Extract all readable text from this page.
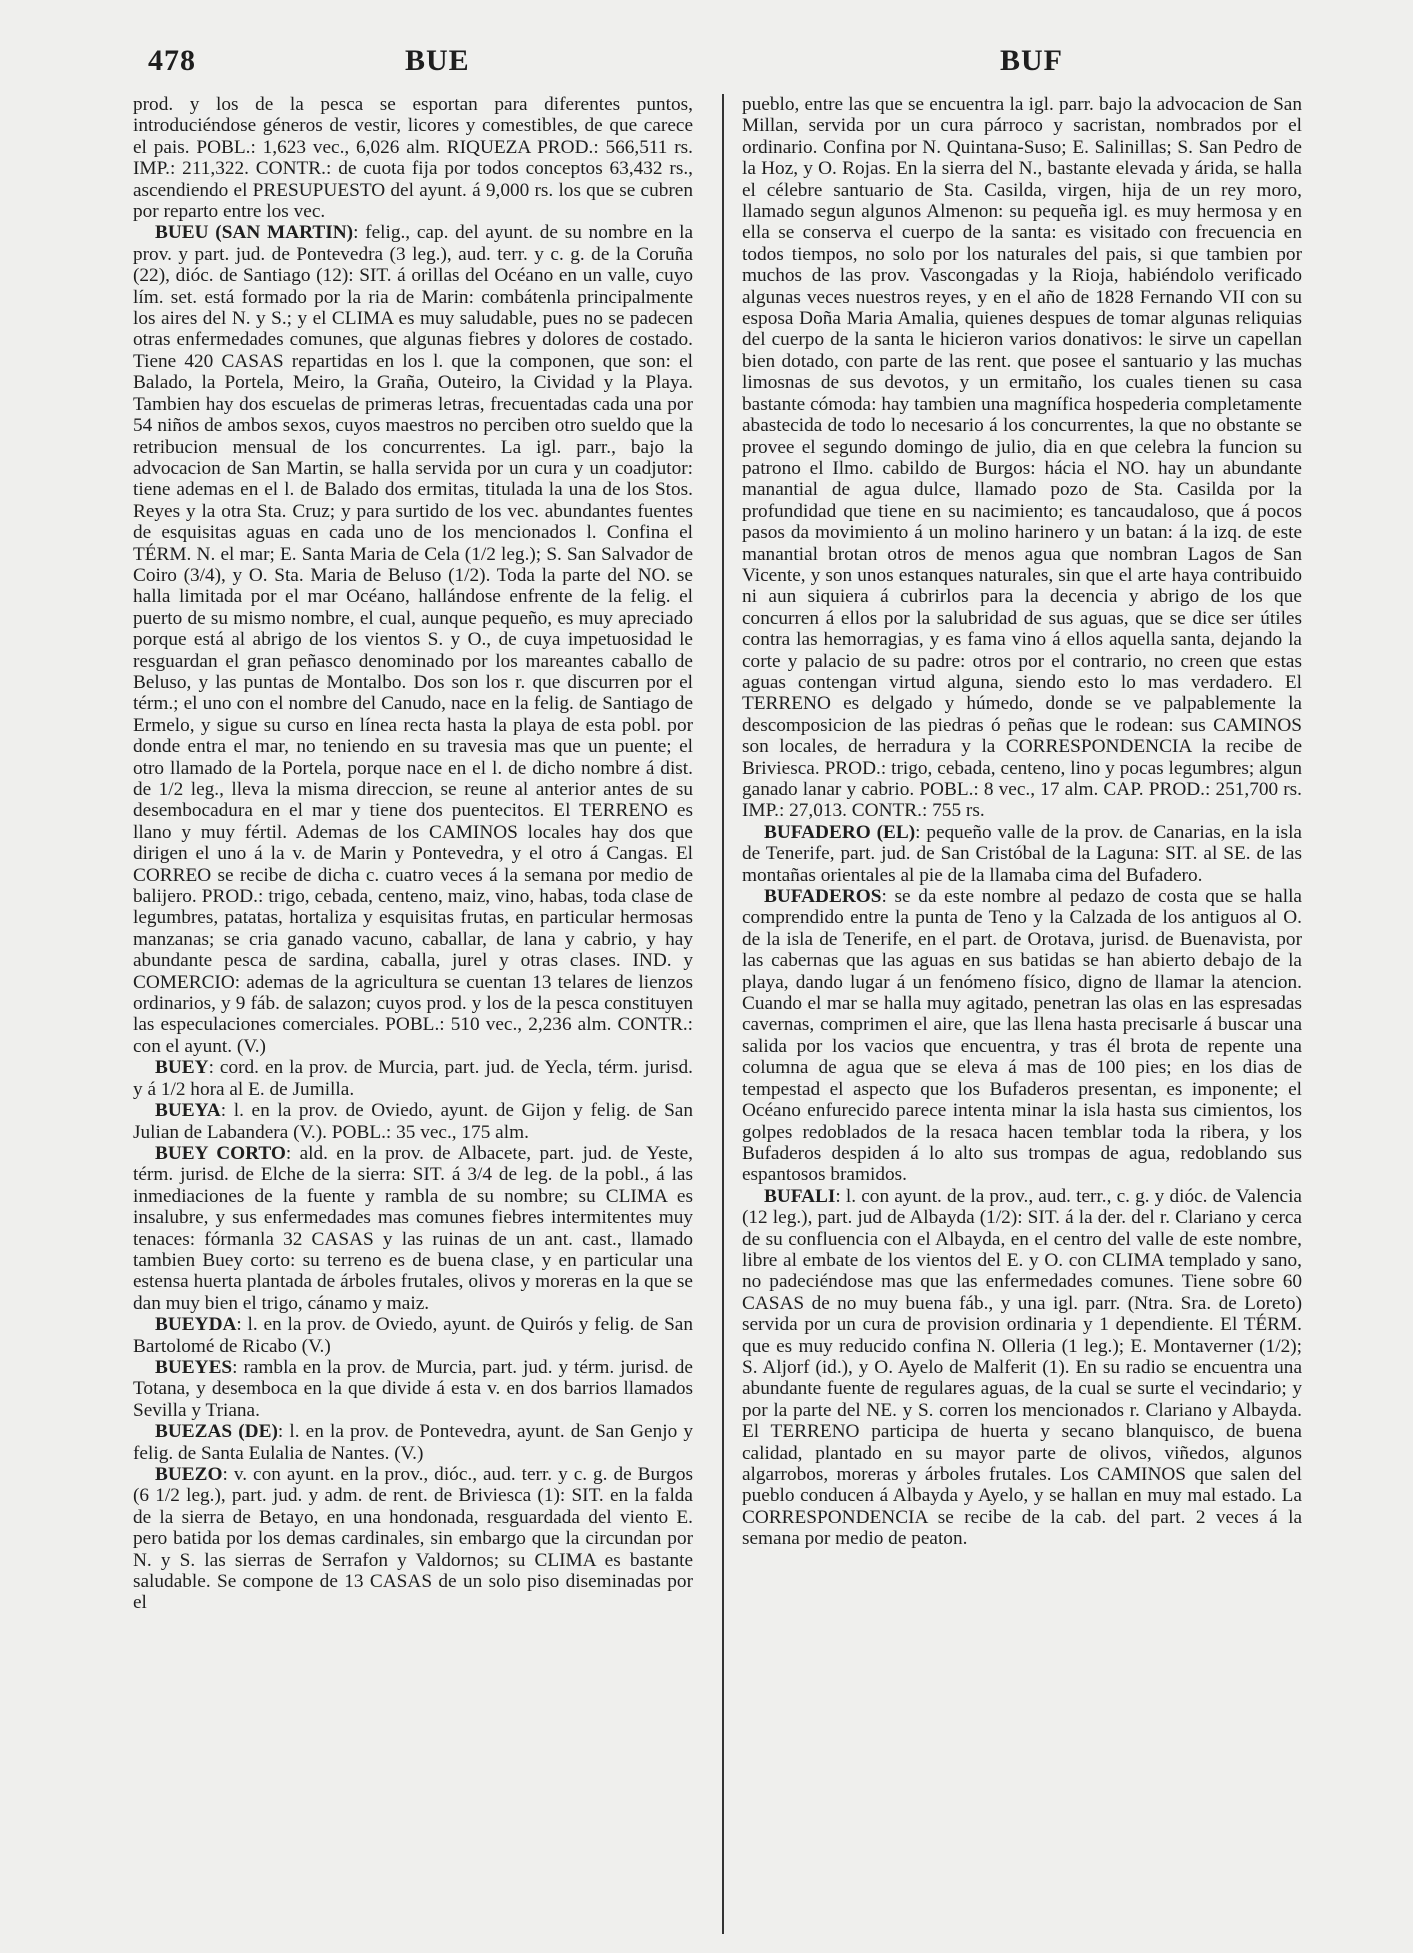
478	BUE	BUF

prod. y los de la pesca se esportan para diferentes puntos, introduciéndose géneros de vestir, licores y comestibles, de que carece el pais. POBL.: 1,623 vec., 6,026 alm. RIQUEZA PROD.: 566,511 rs. IMP.: 211,322. CONTR.: de cuota fija por todos conceptos 63,432 rs., ascendiendo el PRESUPUESTO del ayunt. á 9,000 rs. los que se cubren por reparto entre los vec.

BUEU (SAN MARTIN): felig., cap. del ayunt. de su nombre en la prov. y part. jud. de Pontevedra (3 leg.), aud. terr. y c. g. de la Coruña (22), dióc. de Santiago (12): SIT. á orillas del Océano en un valle, cuyo lím. set. está formado por la ria de Marin: combátenla principalmente los aires del N. y S.; y el CLIMA es muy saludable, pues no se padecen otras enfermedades comunes, que algunas fiebres y dolores de costado. Tiene 420 CASAS repartidas en los l. que la componen, que son: el Balado, la Portela, Meiro, la Graña, Outeiro, la Cividad y la Playa. Tambien hay dos escuelas de primeras letras, frecuentadas cada una por 54 niños de ambos sexos, cuyos maestros no perciben otro sueldo que la retribucion mensual de los concurrentes. La igl. parr., bajo la advocacion de San Martin, se halla servida por un cura y un coadjutor: tiene ademas en el l. de Balado dos ermitas, titulada la una de los Stos. Reyes y la otra Sta. Cruz; y para surtido de los vec. abundantes fuentes de esquisitas aguas en cada uno de los mencionados l. Confina el TÉRM. N. el mar; E. Santa Maria de Cela (1/2 leg.); S. San Salvador de Coiro (3/4), y O. Sta. Maria de Beluso (1/2). Toda la parte del NO. se halla limitada por el mar Océano, hallándose enfrente de la felig. el puerto de su mismo nombre, el cual, aunque pequeño, es muy apreciado porque está al abrigo de los vientos S. y O., de cuya impetuosidad le resguardan el gran peñasco denominado por los mareantes caballo de Beluso, y las puntas de Montalbo. Dos son los r. que discurren por el térm.; el uno con el nombre del Canudo, nace en la felig. de Santiago de Ermelo, y sigue su curso en línea recta hasta la playa de esta pobl. por donde entra el mar, no teniendo en su travesia mas que un puente; el otro llamado de la Portela, porque nace en el l. de dicho nombre á dist. de 1/2 leg., lleva la misma direccion, se reune al anterior antes de su desembocadura en el mar y tiene dos puentecitos. El TERRENO es llano y muy fértil. Ademas de los CAMINOS locales hay dos que dirigen el uno á la v. de Marin y Pontevedra, y el otro á Cangas. El CORREO se recibe de dicha c. cuatro veces á la semana por medio de balijero. PROD.: trigo, cebada, centeno, maiz, vino, habas, toda clase de legumbres, patatas, hortaliza y esquisitas frutas, en particular hermosas manzanas; se cria ganado vacuno, caballar, de lana y cabrio, y hay abundante pesca de sardina, caballa, jurel y otras clases. IND. y COMERCIO: ademas de la agricultura se cuentan 13 telares de lienzos ordinarios, y 9 fáb. de salazon; cuyos prod. y los de la pesca constituyen las especulaciones comerciales. POBL.: 510 vec., 2,236 alm. CONTR.: con el ayunt. (V.)

BUEY: cord. en la prov. de Murcia, part. jud. de Yecla, térm. jurisd. y á 1/2 hora al E. de Jumilla.

BUEYA: l. en la prov. de Oviedo, ayunt. de Gijon y felig. de San Julian de Labandera (V.). POBL.: 35 vec., 175 alm.

BUEY CORTO: ald. en la prov. de Albacete, part. jud. de Yeste, térm. jurisd. de Elche de la sierra: SIT. á 3/4 de leg. de la pobl., á las inmediaciones de la fuente y rambla de su nombre; su CLIMA es insalubre, y sus enfermedades mas comunes fiebres intermitentes muy tenaces: fórmanla 32 CASAS y las ruinas de un ant. cast., llamado tambien Buey corto: su terreno es de buena clase, y en particular una estensa huerta plantada de árboles frutales, olivos y moreras en la que se dan muy bien el trigo, cánamo y maiz.

BUEYDA: l. en la prov. de Oviedo, ayunt. de Quirós y felig. de San Bartolomé de Ricabo (V.)

BUEYES: rambla en la prov. de Murcia, part. jud. y térm. jurisd. de Totana, y desemboca en la que divide á esta v. en dos barrios llamados Sevilla y Triana.

BUEZAS (DE): l. en la prov. de Pontevedra, ayunt. de San Genjo y felig. de Santa Eulalia de Nantes. (V.)

BUEZO: v. con ayunt. en la prov., dióc., aud. terr. y c. g. de Burgos (6 1/2 leg.), part. jud. y adm. de rent. de Briviesca (1): SIT. en la falda de la sierra de Betayo, en una hondonada, resguardada del viento E. pero batida por los demas cardinales, sin embargo que la circundan por N. y S. las sierras de Serrafon y Valdornos; su CLIMA es bastante saludable. Se compone de 13 CASAS de un solo piso diseminadas por el

pueblo, entre las que se encuentra la igl. parr. bajo la advocacion de San Millan, servida por un cura párroco y sacristan, nombrados por el ordinario. Confina por N. Quintana-Suso; E. Salinillas; S. San Pedro de la Hoz, y O. Rojas. En la sierra del N., bastante elevada y árida, se halla el célebre santuario de Sta. Casilda, virgen, hija de un rey moro, llamado segun algunos Almenon: su pequeña igl. es muy hermosa y en ella se conserva el cuerpo de la santa: es visitado con frecuencia en todos tiempos, no solo por los naturales del pais, si que tambien por muchos de las prov. Vascongadas y la Rioja, habiéndolo verificado algunas veces nuestros reyes, y en el año de 1828 Fernando VII con su esposa Doña Maria Amalia, quienes despues de tomar algunas reliquias del cuerpo de la santa le hicieron varios donativos: le sirve un capellan bien dotado, con parte de las rent. que posee el santuario y las muchas limosnas de sus devotos, y un ermitaño, los cuales tienen su casa bastante cómoda: hay tambien una magnífica hospederia completamente abastecida de todo lo necesario á los concurrentes, la que no obstante se provee el segundo domingo de julio, dia en que celebra la funcion su patrono el Ilmo. cabildo de Burgos: hácia el NO. hay un abundante manantial de agua dulce, llamado pozo de Sta. Casilda por la profundidad que tiene en su nacimiento; es tancaudaloso, que á pocos pasos da movimiento á un molino harinero y un batan: á la izq. de este manantial brotan otros de menos agua que nombran Lagos de San Vicente, y son unos estanques naturales, sin que el arte haya contribuido ni aun siquiera á cubrirlos para la decencia y abrigo de los que concurren á ellos por la salubridad de sus aguas, que se dice ser útiles contra las hemorragias, y es fama vino á ellos aquella santa, dejando la corte y palacio de su padre: otros por el contrario, no creen que estas aguas contengan virtud alguna, siendo esto lo mas verdadero. El TERRENO es delgado y húmedo, donde se ve palpablemente la descomposicion de las piedras ó peñas que le rodean: sus CAMINOS son locales, de herradura y la CORRESPONDENCIA la recibe de Briviesca. PROD.: trigo, cebada, centeno, lino y pocas legumbres; algun ganado lanar y cabrio. POBL.: 8 vec., 17 alm. CAP. PROD.: 251,700 rs. IMP.: 27,013. CONTR.: 755 rs.

BUFADERO (EL): pequeño valle de la prov. de Canarias, en la isla de Tenerife, part. jud. de San Cristóbal de la Laguna: SIT. al SE. de las montañas orientales al pie de la llamaba cima del Bufadero.

BUFADEROS: se da este nombre al pedazo de costa que se halla comprendido entre la punta de Teno y la Calzada de los antiguos al O. de la isla de Tenerife, en el part. de Orotava, jurisd. de Buenavista, por las cabernas que las aguas en sus batidas se han abierto debajo de la playa, dando lugar á un fenómeno físico, digno de llamar la atencion. Cuando el mar se halla muy agitado, penetran las olas en las espresadas cavernas, comprimen el aire, que las llena hasta precisarle á buscar una salida por los vacios que encuentra, y tras él brota de repente una columna de agua que se eleva á mas de 100 pies; en los dias de tempestad el aspecto que los Bufaderos presentan, es imponente; el Océano enfurecido parece intenta minar la isla hasta sus cimientos, los golpes redoblados de la resaca hacen temblar toda la ribera, y los Bufaderos despiden á lo alto sus trompas de agua, redoblando sus espantosos bramidos.

BUFALI: l. con ayunt. de la prov., aud. terr., c. g. y dióc. de Valencia (12 leg.), part. jud de Albayda (1/2): SIT. á la der. del r. Clariano y cerca de su confluencia con el Albayda, en el centro del valle de este nombre, libre al embate de los vientos del E. y O. con CLIMA templado y sano, no padeciéndose mas que las enfermedades comunes. Tiene sobre 60 CASAS de no muy buena fáb., y una igl. parr. (Ntra. Sra. de Loreto) servida por un cura de provision ordinaria y 1 dependiente. El TÉRM. que es muy reducido confina N. Olleria (1 leg.); E. Montaverner (1/2); S. Aljorf (id.), y O. Ayelo de Malferit (1). En su radio se encuentra una abundante fuente de regulares aguas, de la cual se surte el vecindario; y por la parte del NE. y S. corren los mencionados r. Clariano y Albayda. El TERRENO participa de huerta y secano blanquisco, de buena calidad, plantado en su mayor parte de olivos, viñedos, algunos algarrobos, moreras y árboles frutales. Los CAMINOS que salen del pueblo conducen á Albayda y Ayelo, y se hallan en muy mal estado. La CORRESPONDENCIA se recibe de la cab. del part. 2 veces á la semana por medio de peaton.
